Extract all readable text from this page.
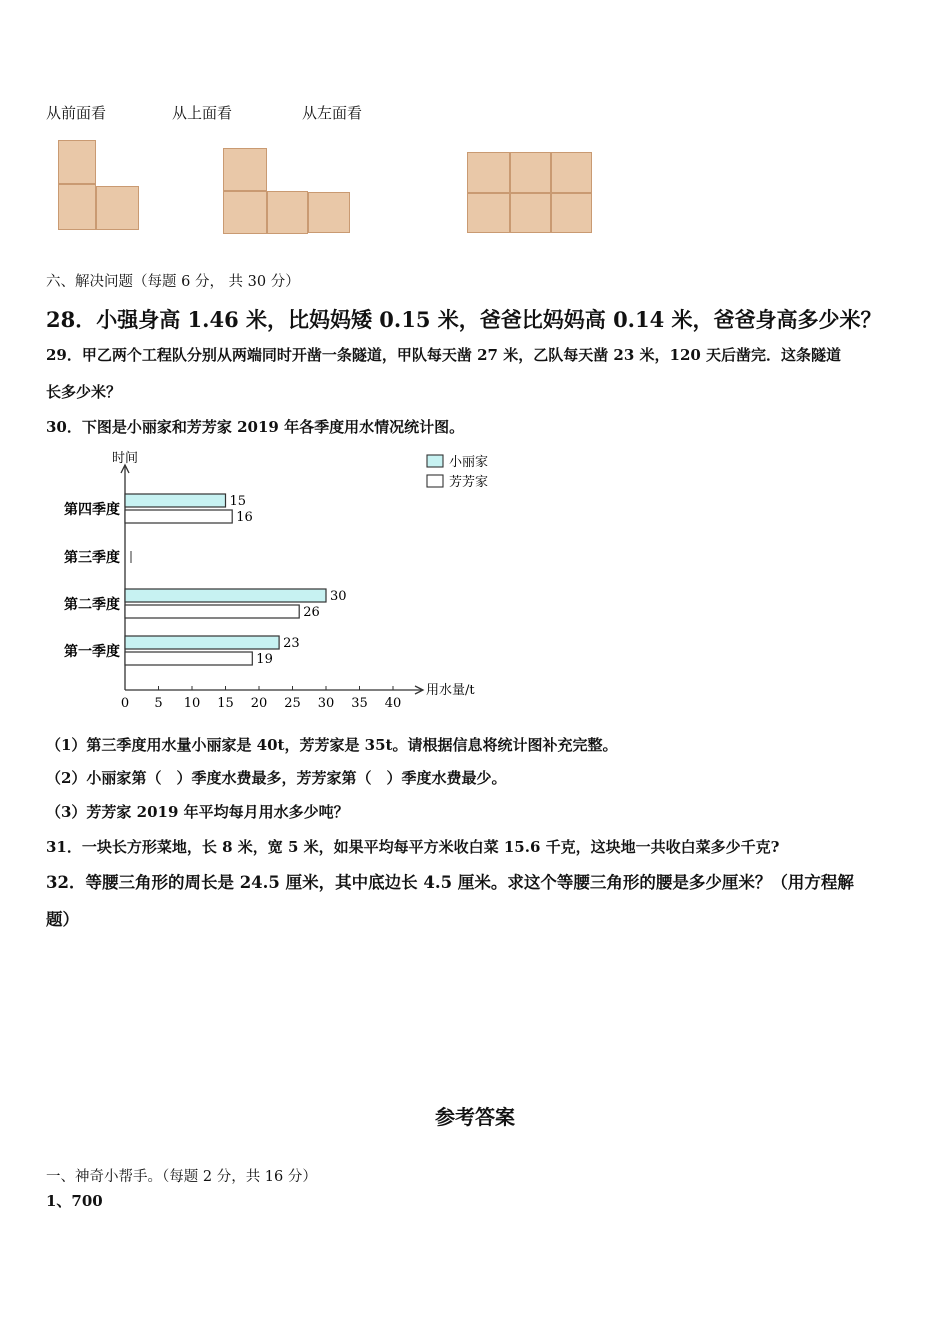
从前面看	从上面看	从左面看
六、解决问题（每题 6 分， 共 30 分）
28．小强身高 1.46 米，比妈妈矮 0.15 米，爸爸比妈妈高 0.14 米，爸爸身高多少米？
29．甲乙两个工程队分别从两端同时开凿一条隧道，甲队每天凿 27 米，乙队每天凿 23 米，120 天后凿完．这条隧道
长多少米？
30．下图是小丽家和芳芳家 2019 年各季度用水情况统计图。
时间
用水量/t
0 5 10 15 20 25 30 35 40
第四季度
15
16
第三季度
第二季度
30
26
第一季度
23
19
小丽家
芳芳家
（1）第三季度用水量小丽家是 40t，芳芳家是 35t。请根据信息将统计图补充完整。
（2）小丽家第（　）季度水费最多，芳芳家第（　）季度水费最少。
（3）芳芳家 2019 年平均每月用水多少吨？
31．一块长方形菜地，长 8 米，宽 5 米，如果平均每平方米收白菜 15.6 千克，这块地一共收白菜多少千克?
32．等腰三角形的周长是 24.5 厘米，其中底边长 4.5 厘米。求这个等腰三角形的腰是多少厘米？（用方程解
题）
参考答案
一、神奇小帮手。（每题 2 分，共 16 分）
1、700
